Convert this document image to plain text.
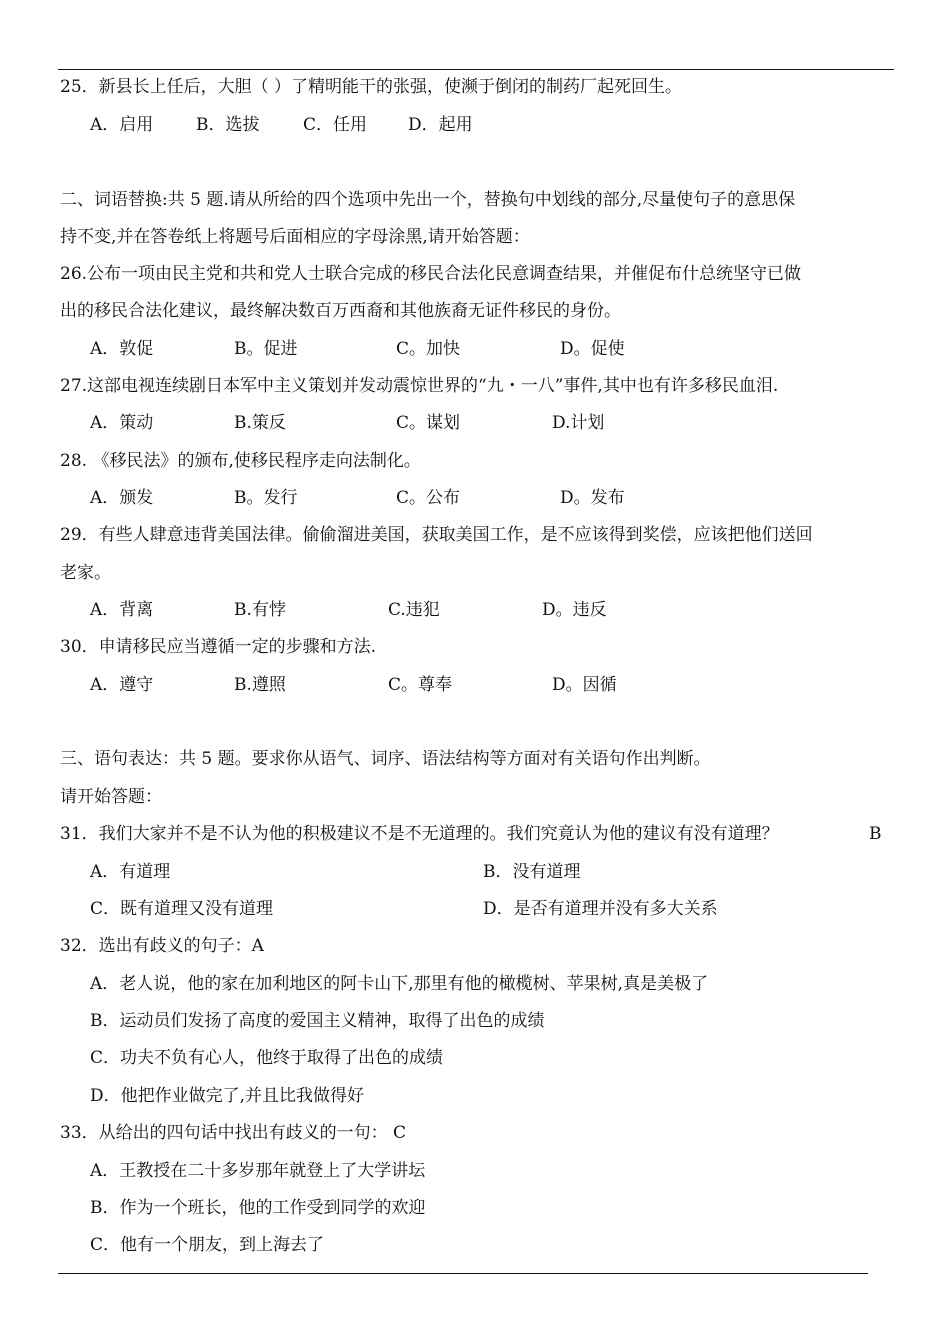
25．新县长上任后，大胆（ ）了精明能干的张强，使濒于倒闭的制药厂起死回生。
A．启用	B．选拔	C．任用 D．起用
二、词语替换:共 5 题.请从所给的四个选项中先出一个，替换句中划线的部分,尽量使句子的意思保
持不变,并在答卷纸上将题号后面相应的字母涂黑,请开始答题：
26.公布一项由民主党和共和党人士联合完成的移民合法化民意调查结果，并催促布什总统坚守已做
出的移民合法化建议，最终解决数百万西裔和其他族裔无证件移民的身份。
A．敦促	B。促进	C。加快	D。促使
27.这部电视连续剧日本军中主义策划并发动震惊世界的“九・一八”事件,其中也有许多移民血泪.
A．策动	B.策反	C。谋划	D.计划
28. 《移民法》的颁布,使移民程序走向法制化。
A．颁发	B。发行	C。公布	D。发布
29．有些人肆意违背美国法律。偷偷溜进美国，获取美国工作，是不应该得到奖偿，应该把他们送回
老家。
A．背离	B.有悖	C.违犯	D。违反
30．申请移民应当遵循一定的步骤和方法.
A．遵守	B.遵照	C。尊奉	D。因循
三、语句表达：共 5 题。要求你从语气、词序、语法结构等方面对有关语句作出判断。
请开始答题：
31．我们大家并不是不认为他的积极建议不是不无道理的。我们究竟认为他的建议有没有道理？	B
A．有道理	B．没有道理
C．既有道理又没有道理	D．是否有道理并没有多大关系
32．选出有歧义的句子：A
A．老人说，他的家在加利地区的阿卡山下,那里有他的橄榄树、苹果树,真是美极了
B．运动员们发扬了高度的爱国主义精神，取得了出色的成绩
C．功夫不负有心人，他终于取得了出色的成绩
D．他把作业做完了,并且比我做得好
33．从给出的四句话中找出有歧义的一句： C
A．王教授在二十多岁那年就登上了大学讲坛
B．作为一个班长，他的工作受到同学的欢迎
C．他有一个朋友，到上海去了
